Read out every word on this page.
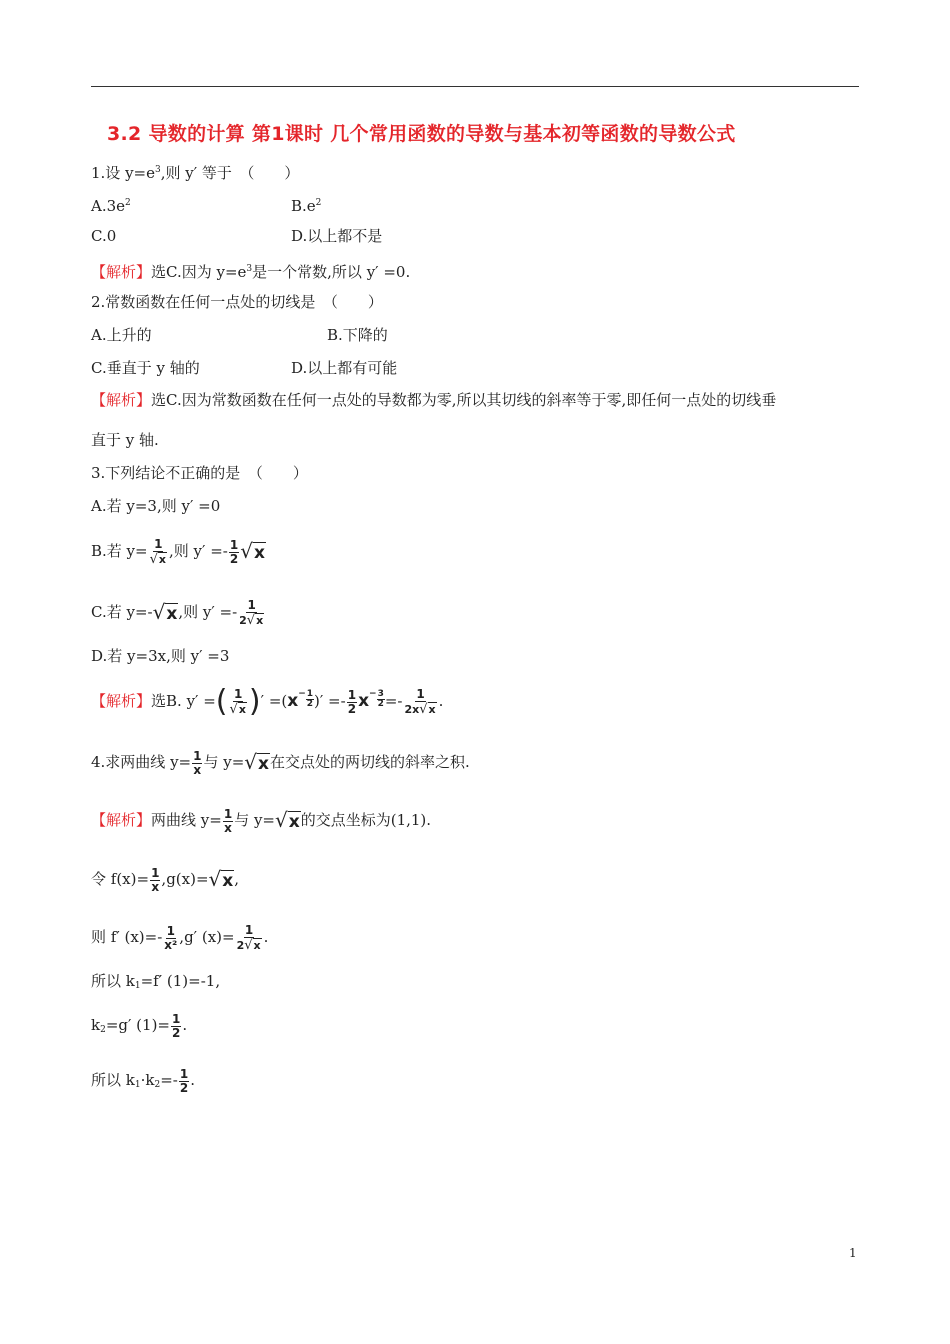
3.2 导数的计算 第1课时 几个常用函数的导数与基本初等函数的导数公式
1.设 $y=e^3$,则 y′ 等于　（　　）
$A.3e^2$	$B.e^2$
C.0	D.以上都不是
【解析】选C.因为 $y=e^3$是一个常数,所以 y′ =0.
2.常数函数在任何一点处的切线是　（　　）
A.上升的	B.下降的
C.垂直于 y 轴的	D.以上都有可能
【解析】选C.因为常数函数在任何一点处的导数都为零,所以其切线的斜率等于零,即任何一点处的切线垂
直于 y 轴.
3.下列结论不正确的是　（　　）
A.若 y=3,则 y′ =0
B.若 y= 1
√x ,则 $y' =- \frac{1}{2} √x$
C.若 y=-√x,则 y′ =- 1
2√x
D.若 y=3x,则 y′ =3
【解析】选B. y′ =( 1
√x )′ $=(x - \frac{1}{2}$ )′ =- $\frac{1}{2}$ $x - \frac{3}{2} =- 1$
2x√x .
4.求两曲线 $y= \frac{1}{x}$ 与 y=√x在交点处的两切线的斜率之积.
【解析】两曲线 $y= \frac{1}{x}$ 与 y=√x的交点坐标为(1,1).
令 $f(x)= \frac{1}{x} ,g(x)=√x$,
则 f′ $(x)=- \frac{1}{\text{x²}} ,g'$ (x)= 1
2√x .
所以 $k_1=f'$ (1)=-1,
$k_2=g'$ $(1)= \frac{1}{2}$ .
所以 $k_1\cdot k_2=- \frac{1}{2}$ .
1
